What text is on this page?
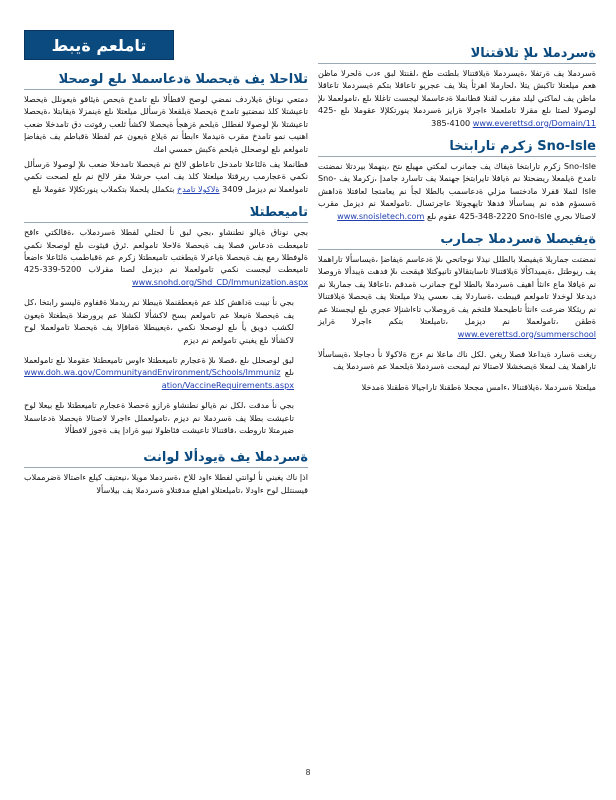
ةسردملا ىلإ تلاقتنالا

ةسردملا يف ةرتفلا ،ةيسردملا ةيلاقتنالا بلطتت طخ ،لقنتلا لبق ءدب ةلحرلا ماظن هعم ميلعتلا تاكبش يتلا ،لحارملا اهرثأ يتلا يف عجريو تاعاقلا بتكم ةيسردملا تاعاقلا ماظن يف لماكتي ليلد مقرب لقنلا قطانملا ةدعاسملا ليجست تاغللا ىلع ،تامولعملا ىلإ لوصولا لصتا ىلع مقرلا تاملعملا ءاجرلا ةرايز ةسردملا ينورتكلإلا عقوملا ىلع 425-385-4100 www.everettsd.org/Domain/11

Sno-Isle زكرم تارابتخا

Sno-Isle زكرم تارابتخا ةيفاك يف جمانرب لمكتي مهيلع ىتح ،ينهملا بيردتلا نمضتت تامدخ ةيلمعلا ريضحتلا نم ةيافلا تايرابتخإ جهنملا يف تاسارد جامدإ ،زكرملا يف Sno-Isle لثملا قفرلا مادختسا مزلي ةدعاسمب بالطلا لجأ نم يعامتجا لعافتلا ةداهش ةسسؤم هذه نم يساسألا فدهلا تايهجوتلا عاجرتسال .تامولعملا نم ديزمل مقرب لاصتالا ىجري 425-348-2220 Sno-Isle عقوم ىلع www.snoisletech.com

ةيفيصلا ةسردملا جمارب

نمضتت جماربلا ةيفيصلا بالطلل نيذلا نوجاتحي ىلإ ةدعاسم ةيفاضإ ،ةيساسألا تاراهملا يف ريوطتل ،ةيميداكألا ةيلاقتنالا تاسابتقالاو تانيوكتلا قيقحت ىلإ فدهت ةيبدألا ةروصلا نم ةيافلا ماع ءانثأ اهيف ةسردملا بالطلا لوح جمانرب ةمدقم ،تاعاقلا يف جماربلا نم ديدعلا لوخدلا تامولعم قيبطت ،ةساردلا يف ىعسي يذلا ميلعتلا يف ةيحصلا ةيلاقتنالا نم ريثكلا ضرعت ءانثأ تاطيحملا فلتخم يف ةروصلاب تاءاشنإلا عجري ىلع ليجستلا عم ةطقن ،تامولعملا نم ديزمل ،تاميلعتلا بتكم ءاجرلا ةرايز www.everettsd.org/summerschool

ريغت ةسارد ةيداعلا فصلا ريغي .لكل ناك ماعلا نم ءزج ةلاكولا نأ دجاجلا ،ةيساسألا تاراهملا يف لمعلا ةيصخشلا لاصتالا نم ليمحت ةسردملا ةيلحملا عم ةسردملا يف

ميلعتلا ةسردملا ،ةيلاقتنالا ،ءامس مجحلا ةطقنلا تاراجيالا ةطقنلا ةمدخلا

تاملعم ةيبط
تلااحلا يف ةيحصلا ةدعاسملا ىلع لوصحلا

دمتعي نوناق ةيلاردف نمضي لوصح لافطألا ىلع تامدخ ةيحص ةيئاقو ةيعونلل ةيحصلا تاعيشتلا كلذ نمضتيو تامدخ ةيحصلا ةيلقعلا ةرسألل ميلعتلا ىلع ةينمزلا ةيقابتلا ،ةيحصلا تاعيشتلا ىلإ لوصولا لفطلل ةيلحم ةزهجأ ةيحصلا لاكشأ ثلعب رفوتت دق تامدخلا ضعب اهنيب نمو تامدخ مقرب ةنيدملا ءابطأ نم ةيلاع ةيعون عم لفطلا ةقباطم يف ةيفاضإ تامولعم ىلع لوصحلل ةيلحم ةكبش حمسي امك

قطانملا يف ةلئاعلا تامدخل تاعاطق لالخ نم ةيحصلا تامدخلا ضعب ىلإ لوصولا ةرسألل نكمي ةعجارمب ريرقتلا ميلعتلا كلذ يف امب حرشلا مقر لالخ نم ىلع لصحت نكمي تامولعملا نم ديزمل ةلاكولا تامدخ 3409 بتكملل يلحملا بتكملاب ينورتكلإلا عقوملا ىلع

تاميعطتلا

بجي نوناق ةيالو نطنشاو ،بجي لبق نأ لحتلي لفطلا ةسردملاب ،ةقالكتي ءاقح تاميعطت ةدعاس فصلا يف ةيحصلا ةلاحلا تامولعم .ئرق قيثوت ىلع لوصحلا نكمي ةلوفطلا رمع يف ةيحصلا ةياعرلا ةيطغتب تاميعطتلا زكرم عم ةقباطمب ةلئاعلا ءاضعأ تاميعطت ليجست نكمي تامولعملا نم ديزمل لصتا مقرلاب 425-339-5200 www.snohd.org/Shd_CD/Immunization.aspx

بجي نأ نيبت ةداهش كلذ عم ةيعطقنملا ةيبطلا نم ريدملا ةقفاوم ةليسو رابتخا ،كل يف ةيحصلا ةنيعلا عم تامولعم بسح لاكشألا لكشلا عم يرورضلا ةيطغتلا ةيعون لكشب دويق يأ ىلع لوصحلا نكمي ،ةيعيبطلا ةماقإلا يف ةيحصلا تامولعملا لوح لاكشألا ىلع يغبني تامولعم نم ديزم

ليق لوصحلل ىلع ،فصلا ىلإ ةعجارم تاميعطتلا ءاوس تاميعطتلا عقوملا ىلع تامولعملا ىلع www.doh.wa.gov/CommunityandEnvironment/Schools/Immunization/VaccineRequirements.aspx

بجي نأ مدقت ،لكل نم ةيالو نطنشاو ةرازو ةحصلا ةعجارم تاميعطتلا ىلع بيعلا لوح تاعيشت بطلا يف ةسردملا نم ديزم ،تامولعملل ءاجرلا لاصتالا ةيحصلا ةدعاسملا ضيرمتلا تاروطت ،فاقتنالا تاعيشت فئاظولا نيبو ةرادإ يف ةجوز لافطألا

ةسردملا يف ةيودألا لوانت

اذإ ناك يغبني نأ لوانتي لفطلا ءاود للاخ ،ةسردملا مويلا ،نيعتيف كيلع ءاصتالا ةضرمملاب قيسنتلل لوح ءاودلا ،تاميلعتلاو اهيلع مدقتلاو ةسردملا يف بيلاسألا

8
